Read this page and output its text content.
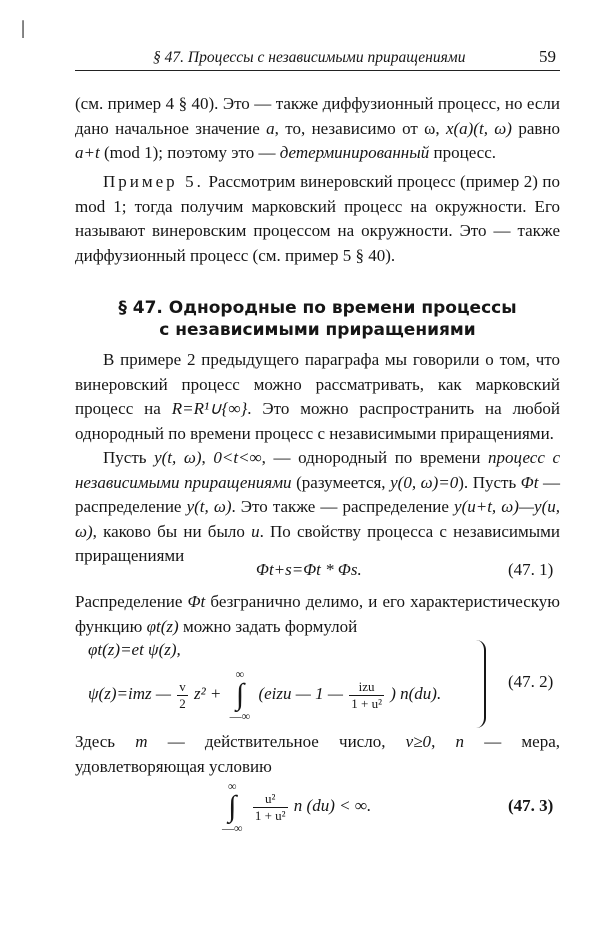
|
§ 47. Процессы с независимыми приращениями	59
(см. пример 4 § 40). Это — также диффузионный процесс, но если дано начальное значение a, то, независимо от ω, x(a)(t, ω) равно a+t (mod 1); поэтому это — детерминированный процесс.
Пример 5. Рассмотрим винеровский процесс (пример 2) по mod 1; тогда получим марковский процесс на окружности. Его называют винеровским процессом на окружности. Это — также диффузионный процесс (см. пример 5 § 40).
§ 47. Однородные по времени процессы
с независимыми приращениями
В примере 2 предыдущего параграфа мы говорили о том, что винеровский процесс можно рассматривать, как марковский процесс на R=R¹∪{∞}. Это можно распространить на любой однородный по времени процесс с независимыми приращениями.
Пусть y(t, ω), 0<t<∞, — однородный по времени процесс с независимыми приращениями (разумеется, y(0, ω)=0). Пусть Φt — распределение y(t, ω). Это также — распределение y(u+t, ω)—y(u, ω), каково бы ни было u. По свойству процесса с независимыми приращениями
Φt+s=Φt * Φs.	(47. 1)
Распределение Φt безгранично делимо, и его характеристическую функцию φt(z) можно задать формулой
φt(z)=et ψ(z),
ψ(z)=imz — $\frac{v}{2} z^2$ + ∞
∫
—∞ (eizu — 1 — $\frac{\text{izu}}{\text{1 + u²}}$ ) n(du).
(47. 2)
Здесь m — действительное число, v≥0, n — мера, удовлетворяющая условию
∞
∫
—∞
$\frac{\text{u²}}{\text{1 + u²}}$ n (du) < ∞.	(47. 3)
